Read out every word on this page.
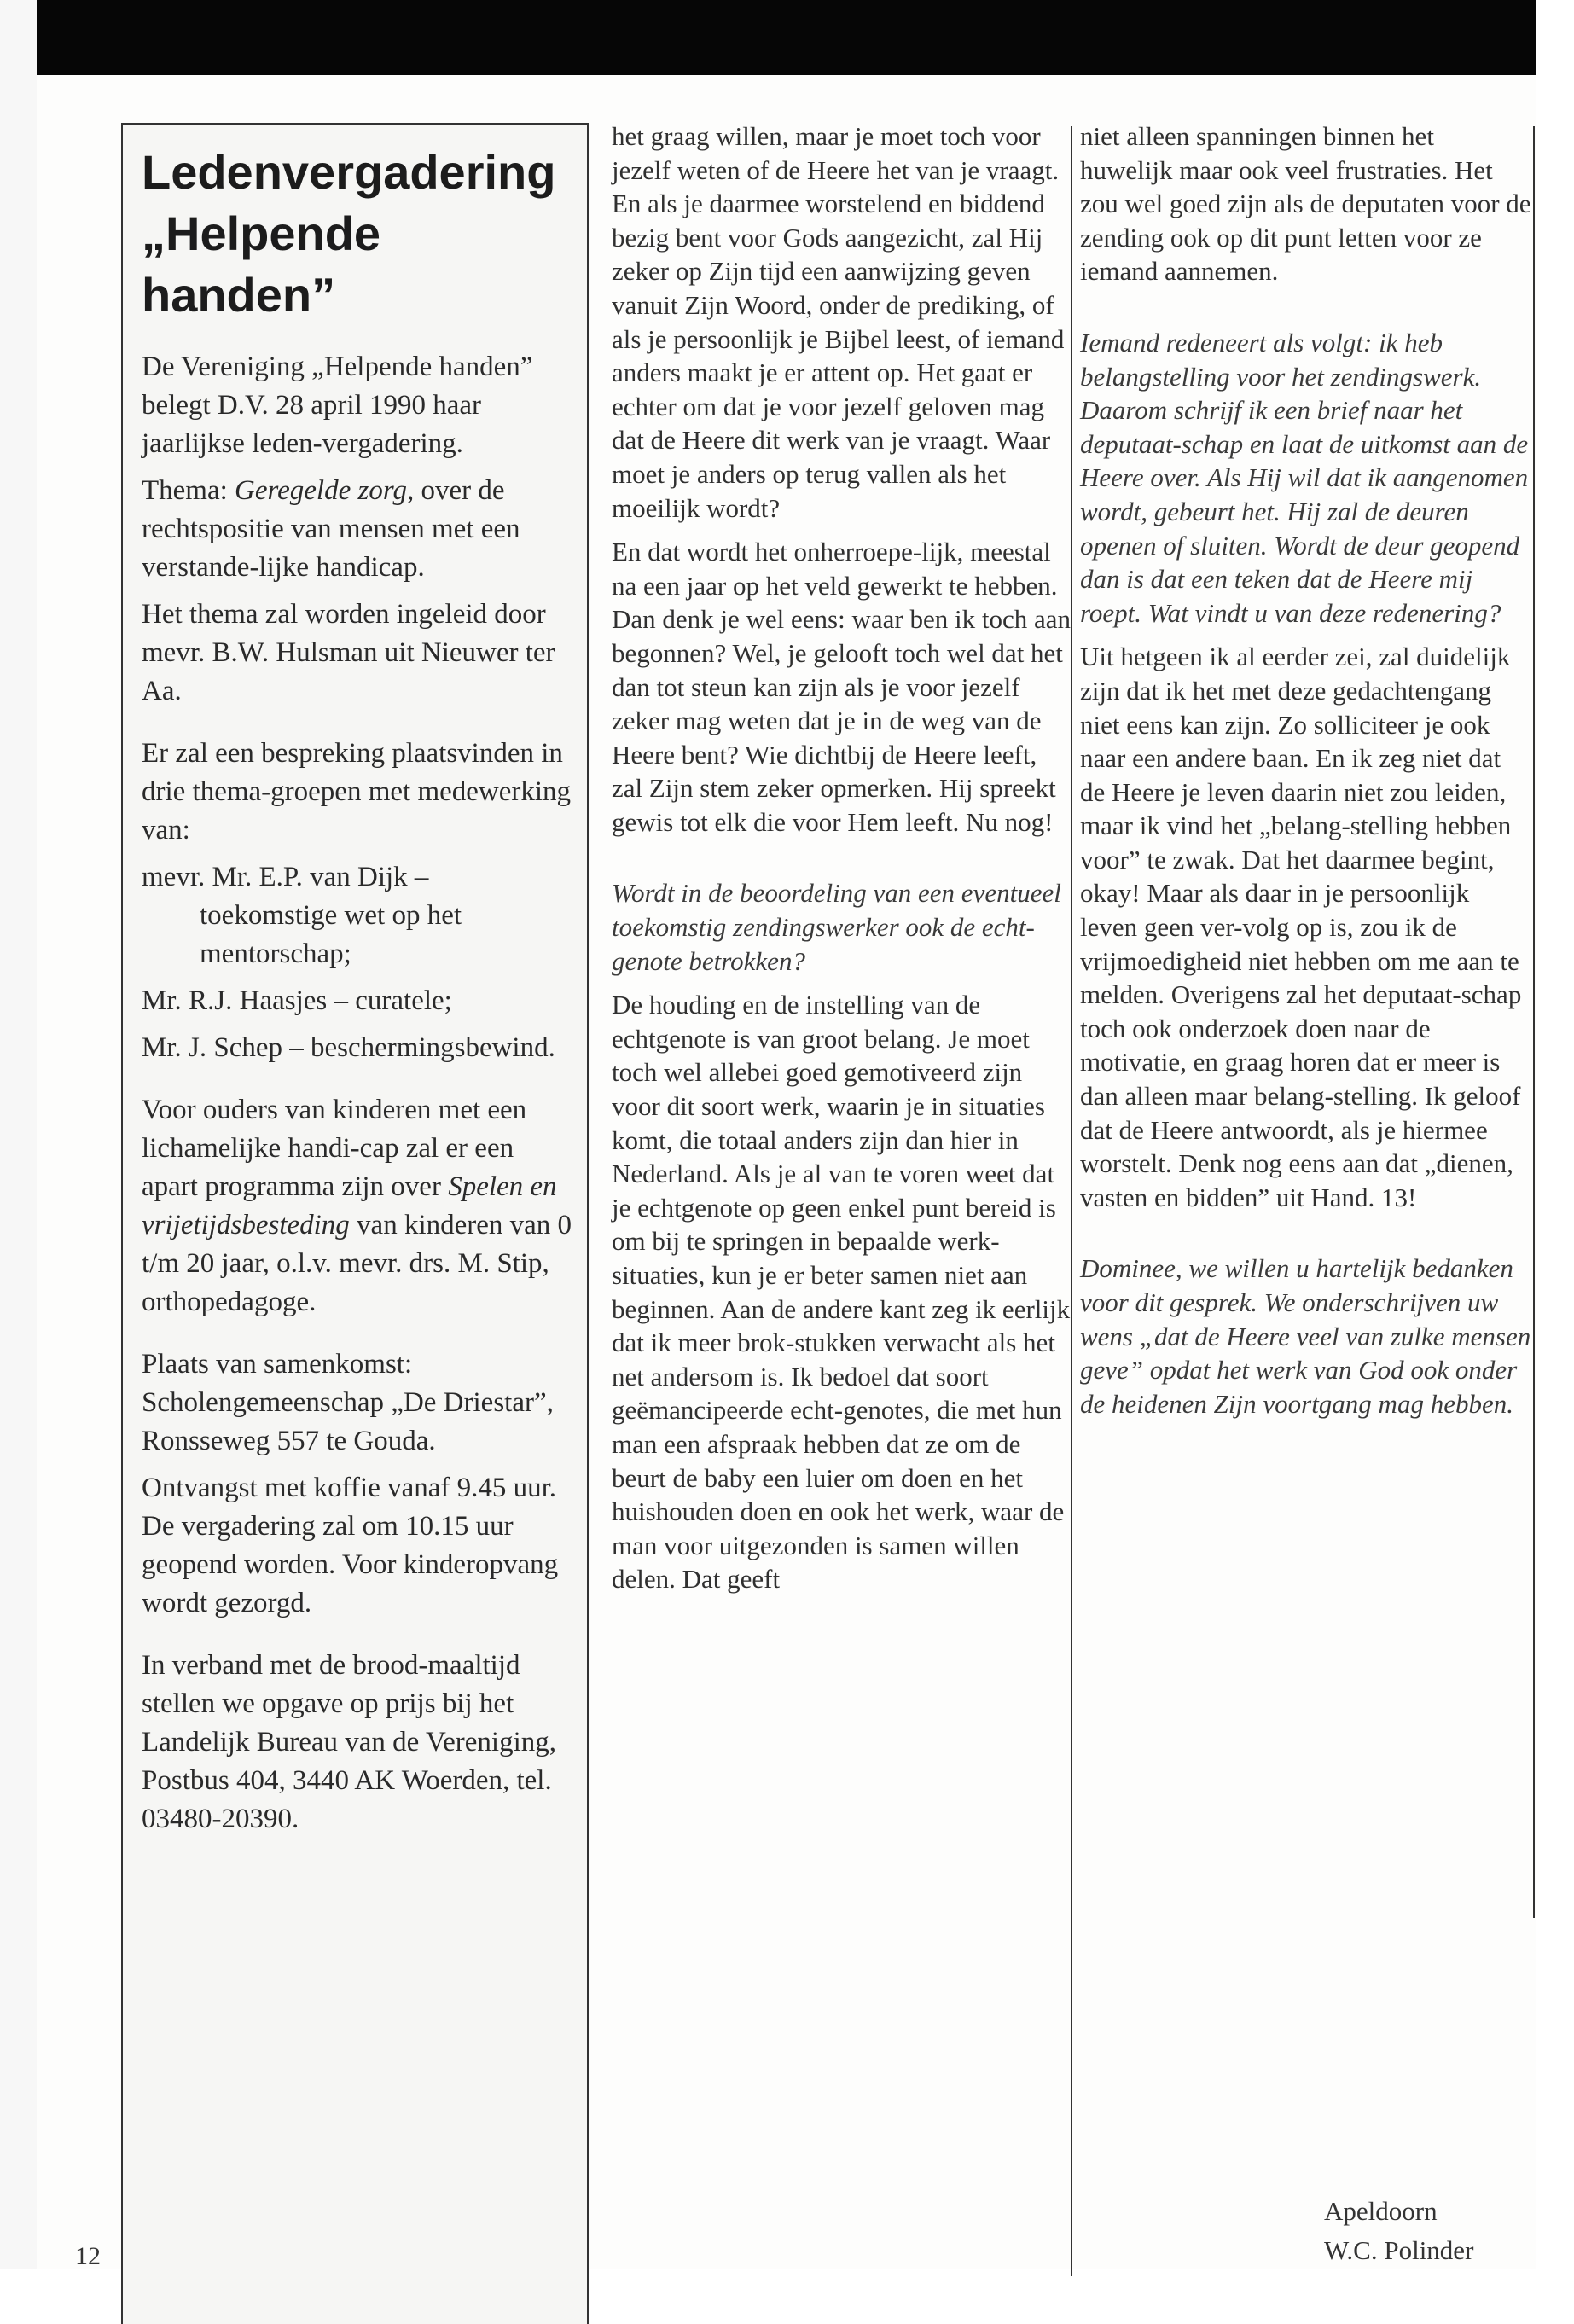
Ledenvergadering
„Helpende
handen”

De Vereniging „Helpende handen” belegt D.V. 28 april 1990 haar jaarlijkse leden-vergadering.

Thema: Geregelde zorg, over de rechtspositie van mensen met een verstande-lijke handicap.

Het thema zal worden ingeleid door mevr. B.W. Hulsman uit Nieuwer ter Aa.

Er zal een bespreking plaatsvinden in drie thema-groepen met medewerking van:

mevr. Mr. E.P. van Dijk – toekomstige wet op het mentorschap;

Mr. R.J. Haasjes – curatele;

Mr. J. Schep – beschermingsbewind.

Voor ouders van kinderen met een lichamelijke handi-cap zal er een apart programma zijn over Spelen en vrijetijdsbesteding van kinderen van 0 t/m 20 jaar, o.l.v. mevr. drs. M. Stip, orthopedagoge.

Plaats van samenkomst: Scholengemeenschap „De Driestar”, Ronsseweg 557 te Gouda.

Ontvangst met koffie vanaf 9.45 uur. De vergadering zal om 10.15 uur geopend worden. Voor kinderopvang wordt gezorgd.

In verband met de brood-maaltijd stellen we opgave op prijs bij het Landelijk Bureau van de Vereniging, Postbus 404, 3440 AK Woerden, tel. 03480-20390.

het graag willen, maar je moet toch voor jezelf weten of de Heere het van je vraagt. En als je daarmee worstelend en biddend bezig bent voor Gods aangezicht, zal Hij zeker op Zijn tijd een aanwijzing geven vanuit Zijn Woord, onder de prediking, of als je persoonlijk je Bijbel leest, of iemand anders maakt je er attent op. Het gaat er echter om dat je voor jezelf geloven mag dat de Heere dit werk van je vraagt. Waar moet je anders op terug vallen als het moeilijk wordt?

En dat wordt het onherroepe-lijk, meestal na een jaar op het veld gewerkt te hebben. Dan denk je wel eens: waar ben ik toch aan begonnen? Wel, je gelooft toch wel dat het dan tot steun kan zijn als je voor jezelf zeker mag weten dat je in de weg van de Heere bent? Wie dichtbij de Heere leeft, zal Zijn stem zeker opmerken. Hij spreekt gewis tot elk die voor Hem leeft. Nu nog!

Wordt in de beoordeling van een eventueel toekomstig zendingswerker ook de echt-genote betrokken?

De houding en de instelling van de echtgenote is van groot belang. Je moet toch wel allebei goed gemotiveerd zijn voor dit soort werk, waarin je in situaties komt, die totaal anders zijn dan hier in Nederland. Als je al van te voren weet dat je echtgenote op geen enkel punt bereid is om bij te springen in bepaalde werk-situaties, kun je er beter samen niet aan beginnen. Aan de andere kant zeg ik eerlijk dat ik meer brok-stukken verwacht als het net andersom is. Ik bedoel dat soort geëmancipeerde echt-genotes, die met hun man een afspraak hebben dat ze om de beurt de baby een luier om doen en het huishouden doen en ook het werk, waar de man voor uitgezonden is samen willen delen. Dat geeft

niet alleen spanningen binnen het huwelijk maar ook veel frustraties. Het zou wel goed zijn als de deputaten voor de zending ook op dit punt letten voor ze iemand aannemen.

Iemand redeneert als volgt: ik heb belangstelling voor het zendingswerk. Daarom schrijf ik een brief naar het deputaat-schap en laat de uitkomst aan de Heere over. Als Hij wil dat ik aangenomen wordt, gebeurt het. Hij zal de deuren openen of sluiten. Wordt de deur geopend dan is dat een teken dat de Heere mij roept. Wat vindt u van deze redenering?

Uit hetgeen ik al eerder zei, zal duidelijk zijn dat ik het met deze gedachtengang niet eens kan zijn. Zo solliciteer je ook naar een andere baan. En ik zeg niet dat de Heere je leven daarin niet zou leiden, maar ik vind het „belang-stelling hebben voor” te zwak. Dat het daarmee begint, okay! Maar als daar in je persoonlijk leven geen ver-volg op is, zou ik de vrijmoedigheid niet hebben om me aan te melden. Overigens zal het deputaat-schap toch ook onderzoek doen naar de motivatie, en graag horen dat er meer is dan alleen maar belang-stelling. Ik geloof dat de Heere antwoordt, als je hiermee worstelt. Denk nog eens aan dat „dienen, vasten en bidden” uit Hand. 13!

Dominee, we willen u hartelijk bedanken voor dit gesprek. We onderschrijven uw wens „dat de Heere veel van zulke mensen geve” opdat het werk van God ook onder de heidenen Zijn voortgang mag hebben.

Apeldoorn
W.C. Polinder
12
